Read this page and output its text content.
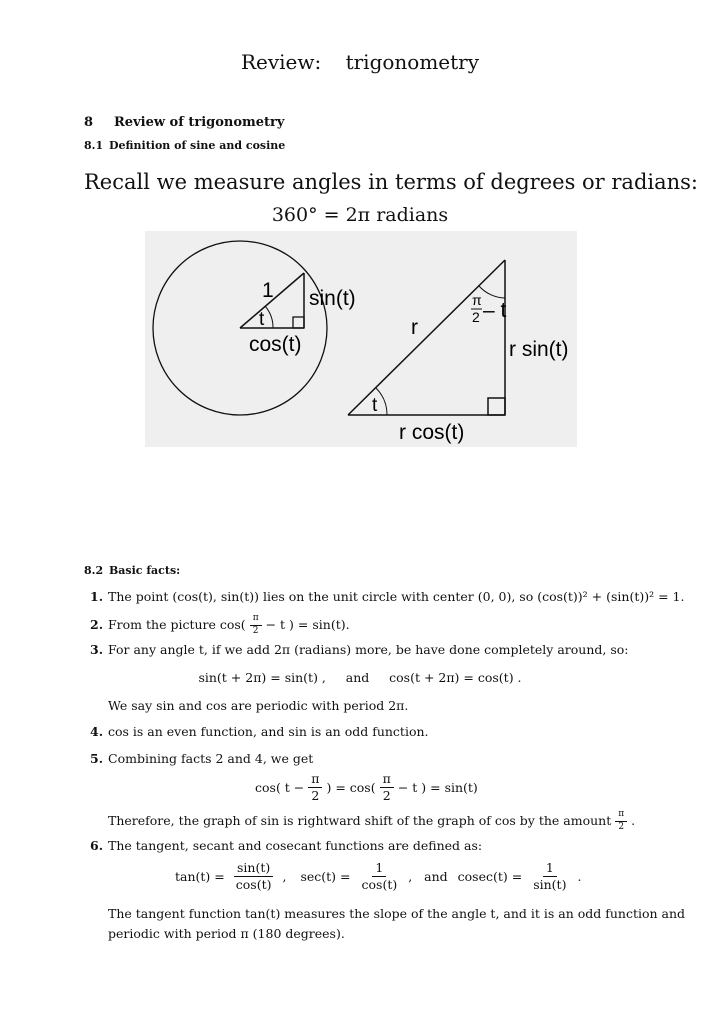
Review: trigonometry
8 Review of trigonometry
8.1 Definition of sine and cosine
Recall we measure angles in terms of degrees or radians:
360° = 2π radians
1 sin(t)
t
cos(t)
π
2 – t
r
r sin(t)
t
r cos(t)
8.2 Basic facts:
1. The point (cos(t), sin(t)) lies on the unit circle with center (0, 0), so (cos(t))² + (sin(t))² = 1.
2. From the picture $\cos( \frac{\pi}{2} - t$ ) = sin(t).
3. For any angle t, if we add 2π (radians) more, be have done completely around, so:
sin(t + 2π) = sin(t) ,     and     cos(t + 2π) = cos(t) .
We say sin and cos are periodic with period 2π.
4. cos is an even function, and sin is an odd function.
5. Combining facts 2 and 4, we get
cos( $t - \frac{\pi}{2}$ ) = $\cos( \frac{\pi}{2} - t$ ) = sin(t)
Therefore, the graph of sin is rightward shift of the graph of cos by the amount $\frac{\pi}{2}$ .
6. The tangent, secant and cosecant functions are defined as:
$\tan(t) = \frac{\sin(t)}{\cos(t)}$ , $\sec(t) = \frac{1}{\cos(t)}$ ,   and $cosec(t) = \frac{1}{\sin(t)}$ .
The tangent function tan(t) measures the slope of the angle t, and it is an odd function and
periodic with period π (180 degrees).
